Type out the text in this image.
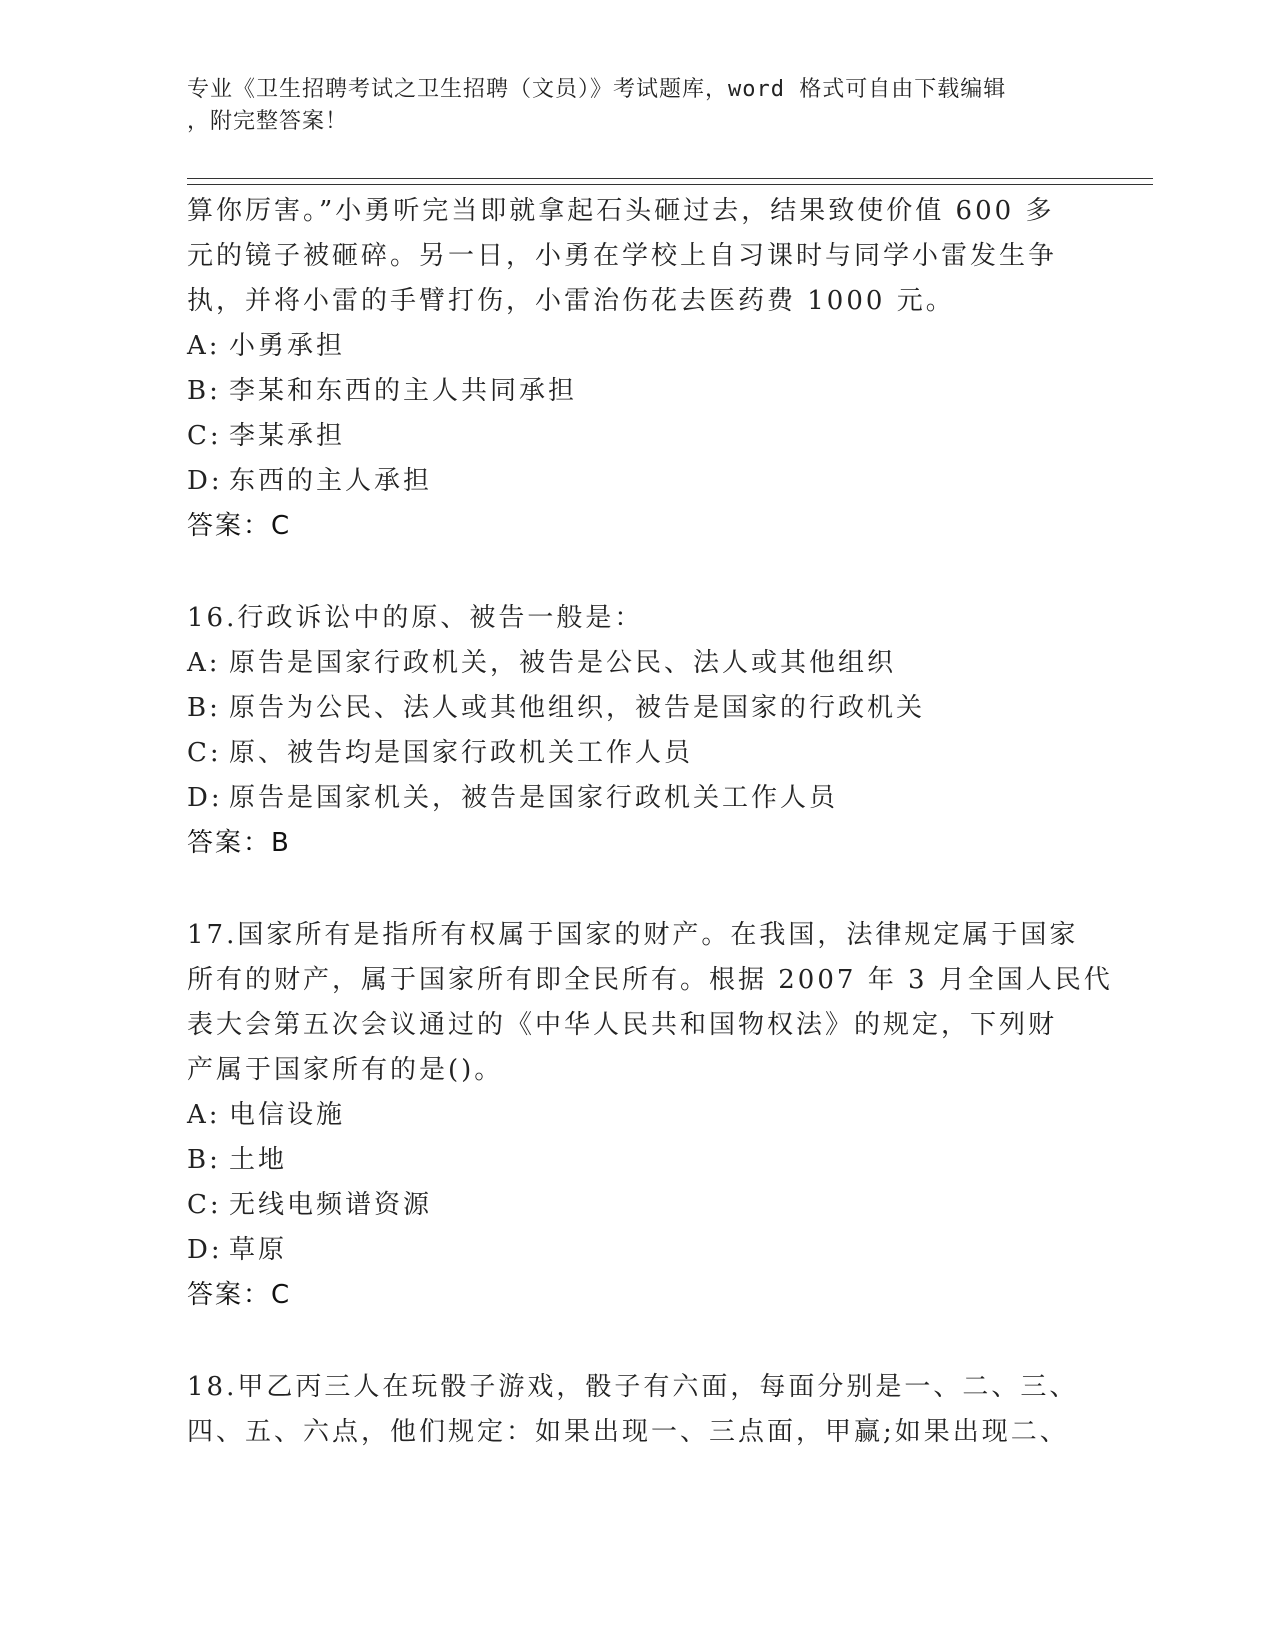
专业《卫生招聘考试之卫生招聘（文员）》考试题库，word 格式可自由下载编辑
，附完整答案！
算你厉害。”小勇听完当即就拿起石头砸过去，结果致使价值 600 多
元的镜子被砸碎。另一日，小勇在学校上自习课时与同学小雷发生争
执，并将小雷的手臂打伤，小雷治伤花去医药费 1000 元。
A: 小勇承担
B: 李某和东西的主人共同承担
C: 李某承担
D: 东西的主人承担
答案：C
16.行政诉讼中的原、被告一般是：
A: 原告是国家行政机关，被告是公民、法人或其他组织
B: 原告为公民、法人或其他组织，被告是国家的行政机关
C: 原、被告均是国家行政机关工作人员
D: 原告是国家机关，被告是国家行政机关工作人员
答案：B
17.国家所有是指所有权属于国家的财产。在我国，法律规定属于国家
所有的财产，属于国家所有即全民所有。根据 2007 年 3 月全国人民代
表大会第五次会议通过的《中华人民共和国物权法》的规定，下列财
产属于国家所有的是()。
A: 电信设施
B: 土地
C: 无线电频谱资源
D: 草原
答案：C
18.甲乙丙三人在玩骰子游戏，骰子有六面，每面分别是一、二、三、
四、五、六点，他们规定：如果出现一、三点面，甲赢;如果出现二、
